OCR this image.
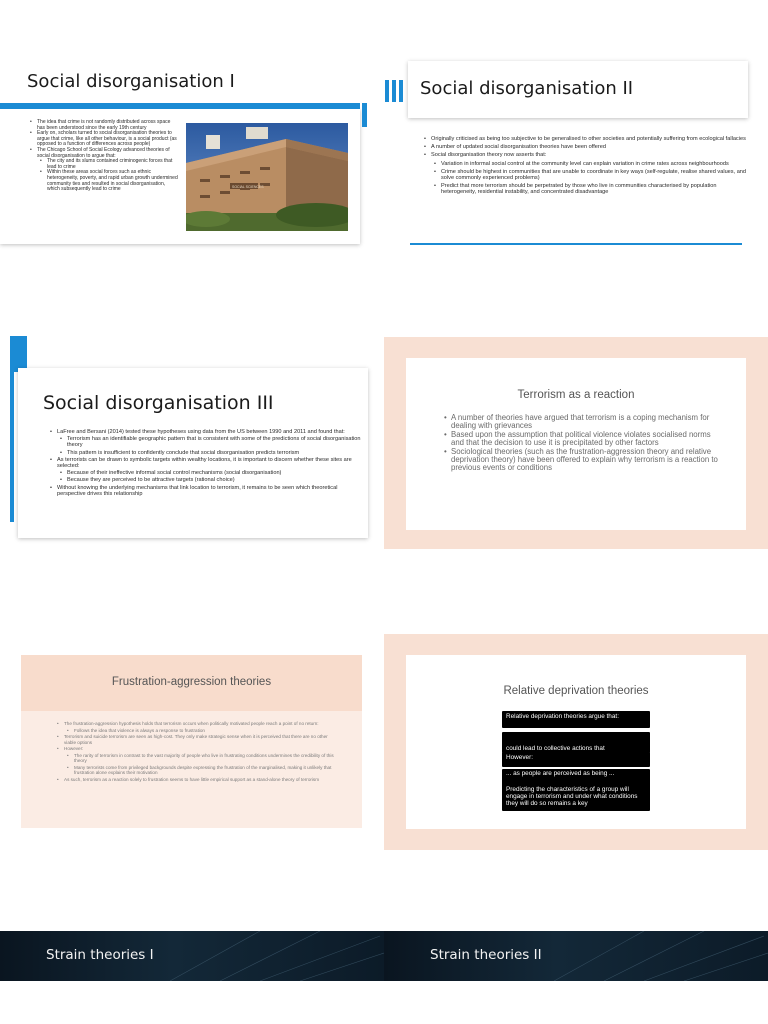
Social disorganisation I
• The idea that crime is not randomly distributed across space has been understood since the early 19th century
• Early on, scholars turned to social disorganisation theories to argue that crime, like all other behaviour, is a social product (as opposed to a function of differences across people)
• The Chicago School of Social Ecology advanced theories of social disorganisation to argue that:
• The city and its slums contained criminogenic forces that lead to crime
• Within these areas social forces such as ethnic heterogeneity, poverty, and rapid urban growth undermined community ties and resulted in social disorganisation, which subsequently lead to crime	SOCIAL SCIENCES
Social disorganisation II
• Originally criticised as being too subjective to be generalised to other societies and potentially suffering from ecological fallacies
• A number of updated social disorganisation theories have been offered
• Social disorganisation theory now asserts that:
• Variation in informal social control at the community level can explain variation in crime rates across neighbourhoods
• Crime should be highest in communities that are unable to coordinate in key ways (self-regulate, realise shared values, and solve commonly experienced problems)
• Predict that more terrorism should be perpetrated by those who live in communities characterised by population heterogeneity, residential instability, and concentrated disadvantage
Social disorganisation III
• LaFree and Bersani (2014) tested these hypotheses using data from the US between 1990 and 2011 and found that:
• Terrorism has an identifiable geographic pattern that is consistent with some of the predictions of social disorganisation theory
• This pattern is insufficient to confidently conclude that social disorganisation predicts terrorism
• As terrorists can be drawn to symbolic targets within wealthy locations, it is important to discern whether these sites are selected:
• Because of their ineffective informal social control mechanisms (social disorganisation)
• Because they are perceived to be attractive targets (rational choice)
• Without knowing the underlying mechanisms that link location to terrorism, it remains to be seen which theoretical perspective drives this relationship
Terrorism as a reaction
• A number of theories have argued that terrorism is a coping mechanism for dealing with grievances
• Based upon the assumption that political violence violates socialised norms and that the decision to use it is precipitated by other factors
• Sociological theories (such as the frustration-aggression theory and relative deprivation theory) have been offered to explain why terrorism is a reaction to previous events or conditions
Frustration-aggression theories
• The frustration-aggression hypothesis holds that terrorism occurs when politically motivated people reach a point of no return:
• Follows the idea that violence is always a response to frustration
• Terrorism and suicide terrorism are seen as high-cost. They only make strategic sense when it is perceived that there are no other viable options
• However:
• The rarity of terrorism in contrast to the vast majority of people who live in frustrating conditions undermines the credibility of this theory
• Many terrorists come from privileged backgrounds despite expressing the frustration of the marginalised, making it unlikely that frustration alone explains their motivation
• As such, terrorism as a reaction solely to frustration seems to have little empirical support as a stand-alone theory of terrorism
Relative deprivation theories
Relative deprivation theories argue that:
could lead to collective actions that
However:
... as people are perceived as being ...
Predicting the characteristics of a group will engage in terrorism and under what conditions they will do so remains a key
Strain theories I	Strain theories II
